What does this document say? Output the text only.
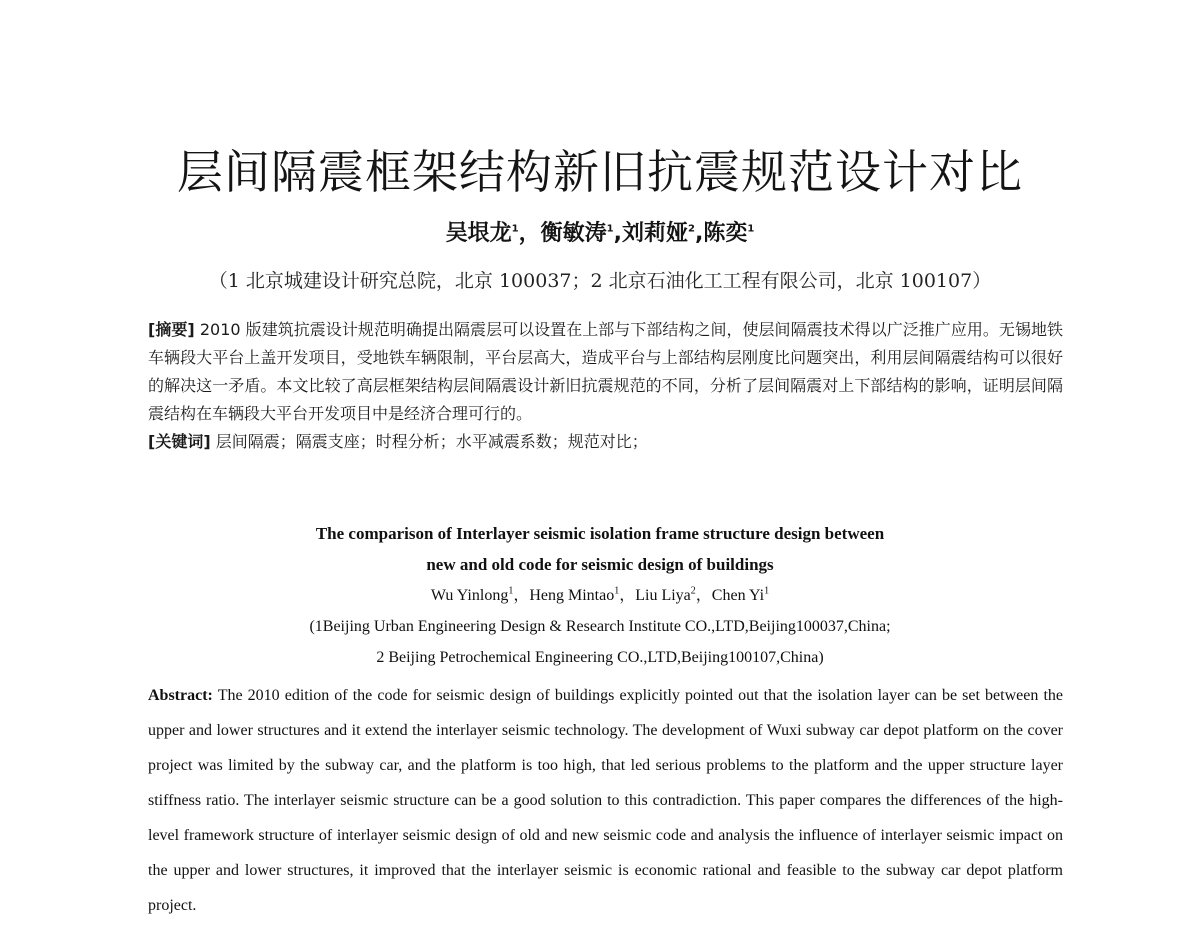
层间隔震框架结构新旧抗震规范设计对比
吴垠龙$^1$，衡敏涛$^1$,刘莉娅$^2$,陈奕$^1$
（1 北京城建设计研究总院，北京 100037；2 北京石油化工工程有限公司，北京 100107）

[摘要] 2010 版建筑抗震设计规范明确提出隔震层可以设置在上部与下部结构之间，使层间隔震技术得以广泛推广应用。无锡地铁车辆段大平台上盖开发项目，受地铁车辆限制，平台层高大，造成平台与上部结构层刚度比问题突出，利用层间隔震结构可以很好的解决这一矛盾。本文比较了高层框架结构层间隔震设计新旧抗震规范的不同，分析了层间隔震对上下部结构的影响，证明层间隔震结构在车辆段大平台开发项目中是经济合理可行的。

[关键词] 层间隔震；隔震支座；时程分析；水平减震系数；规范对比；

The comparison of Interlayer seismic isolation frame structure design between
new and old code for seismic design of buildings
Wu Yinlong$^1$，Heng Mintao$^1$，Liu Liya$^2$，Chen Yi$^1$
(1Beijing Urban Engineering Design & Research Institute CO.,LTD,Beijing100037,China;
2 Beijing Petrochemical Engineering CO.,LTD,Beijing100107,China)
Abstract: The 2010 edition of the code for seismic design of buildings explicitly pointed out that the isolation layer can be set between the upper and lower structures and it extend the interlayer seismic technology. The development of Wuxi subway car depot platform on the cover project was limited by the subway car, and the platform is too high, that led serious problems to the platform and the upper structure layer stiffness ratio. The interlayer seismic structure can be a good solution to this contradiction. This paper compares the differences of the high-level framework structure of interlayer seismic design of old and new seismic code and analysis the influence of interlayer seismic impact on the upper and lower structures, it improved that the interlayer seismic is economic rational and feasible to the subway car depot platform project.
